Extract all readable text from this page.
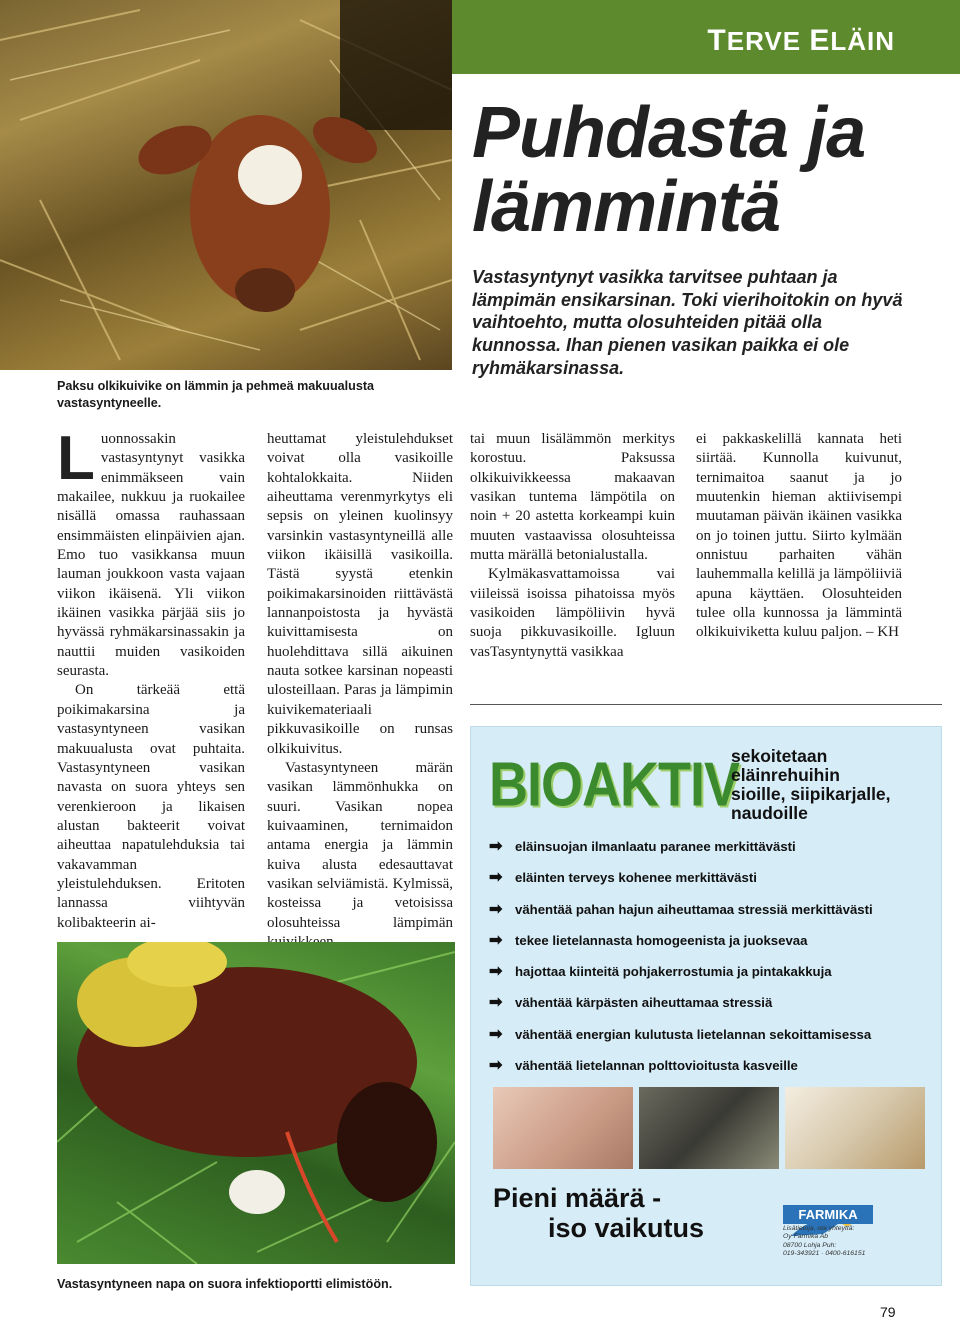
TERVE ELÄIN
Puhdasta ja
lämmintä
Vastasyntynyt vasikka tarvitsee puhtaan ja lämpimän ensikarsinan. Toki vierihoitokin on hyvä vaihtoehto, mutta olosuhteiden pitää olla kunnossa. Ihan pienen vasikan paikka ei ole ryhmäkarsinassa.
Paksu olkikuivike on lämmin ja pehmeä makuualusta vastasyntyneelle.

Luonnossakin vastasyntynyt vasikka enimmäkseen vain makailee, nukkuu ja ruokailee nisällä omassa rauhassaan ensimmäisten elinpäivien ajan. Emo tuo vasikkansa muun lauman joukkoon vasta vajaan viikon ikäisenä. Yli viikon ikäinen vasikka pärjää siis jo hyvässä ryhmäkarsinassakin ja nauttii muiden vasikoiden seurasta.

On tärkeää että poikimakarsina ja vastasyntyneen vasikan makuualusta ovat puhtaita. Vastasyntyneen vasikan navasta on suora yhteys sen verenkieroon ja likaisen alustan bakteerit voivat aiheuttaa napatulehduksia tai vakavamman yleistulehduksen. Eritoten lannassa viihtyvän kolibakteerin ai-

heuttamat yleistulehdukset voivat olla vasikoille kohtalokkaita. Niiden aiheuttama verenmyrkytys eli sepsis on yleinen kuolinsyy varsinkin vastasyntyneillä alle viikon ikäisillä vasikoilla. Tästä syystä etenkin poikimakarsinoiden riittävästä lannanpoistosta ja hyvästä kuivittamisesta on huolehdittava sillä aikuinen nauta sotkee karsinan nopeasti ulosteillaan. Paras ja lämpimin kuivikemateriaali pikkuvasikoille on runsas olkikuivitus.

Vastasyntyneen märän vasikan lämmönhukka on suuri. Vasikan nopea kuivaaminen, ternimaidon antama energia ja lämmin kuiva alusta edesauttavat vasikan selviämistä. Kylmissä, kosteissa ja vetoisissa olosuhteissa lämpimän

tai muun lisälämmön merkitys korostuu. Paksussa olkikuivikkeessa makaavan vasikan tuntema lämpötila on noin + 20 astetta korkeampi kuin muuten vastaavissa olosuhteissa mutta märällä betonialustalla.

Kylmäkasvattamoissa vai viileissä isoissa pihatoissa myös vasikoiden lämpöliivin hyvä suoja pikkuvasikoille. Igluun vasTasyntynyttä vasikkaa

ei pakkaskelillä kannata heti siirtää. Kunnolla kuivunut, ternimaitoa saanut ja jo muutenkin hieman aktiivisempi muutaman päivän ikäinen vasikka on jo toinen juttu. Siirto kylmään onnistuu parhaiten vähän lauhemmalla kelillä ja lämpöliiviä apuna käyttäen. Olosuhteiden tulee olla kunnossa ja lämmintä olkikuiviketta kuluu paljon. – KH

Vastasyntyneen napa on suora infektioportti elimistöön.
BIOAKTIV
sekoitetaan
eläinrehuihin
sioille, siipikarjalle,
naudoille
➡ eläinsuojan ilmanlaatu paranee merkittävästi
➡ eläinten terveys kohenee merkittävästi
➡ vähentää pahan hajun aiheuttamaa stressiä merkittävästi
➡ tekee lietelannasta homogeenista ja juoksevaa
➡ hajottaa kiinteitä pohjakerrostumia ja pintakakkuja
➡ vähentää kärpästen aiheuttamaa stressiä
➡ vähentää energian kulutusta lietelannan sekoittamisessa
➡ vähentää lietelannan polttovioitusta kasveille
Pieni määrä -
iso vaikutus	FARMIKA
Lisätietoja, ota yhteyttä:
Oy Farmika Ab
08700 Lohja Puh:
019-343921 · 0400-616151
79
